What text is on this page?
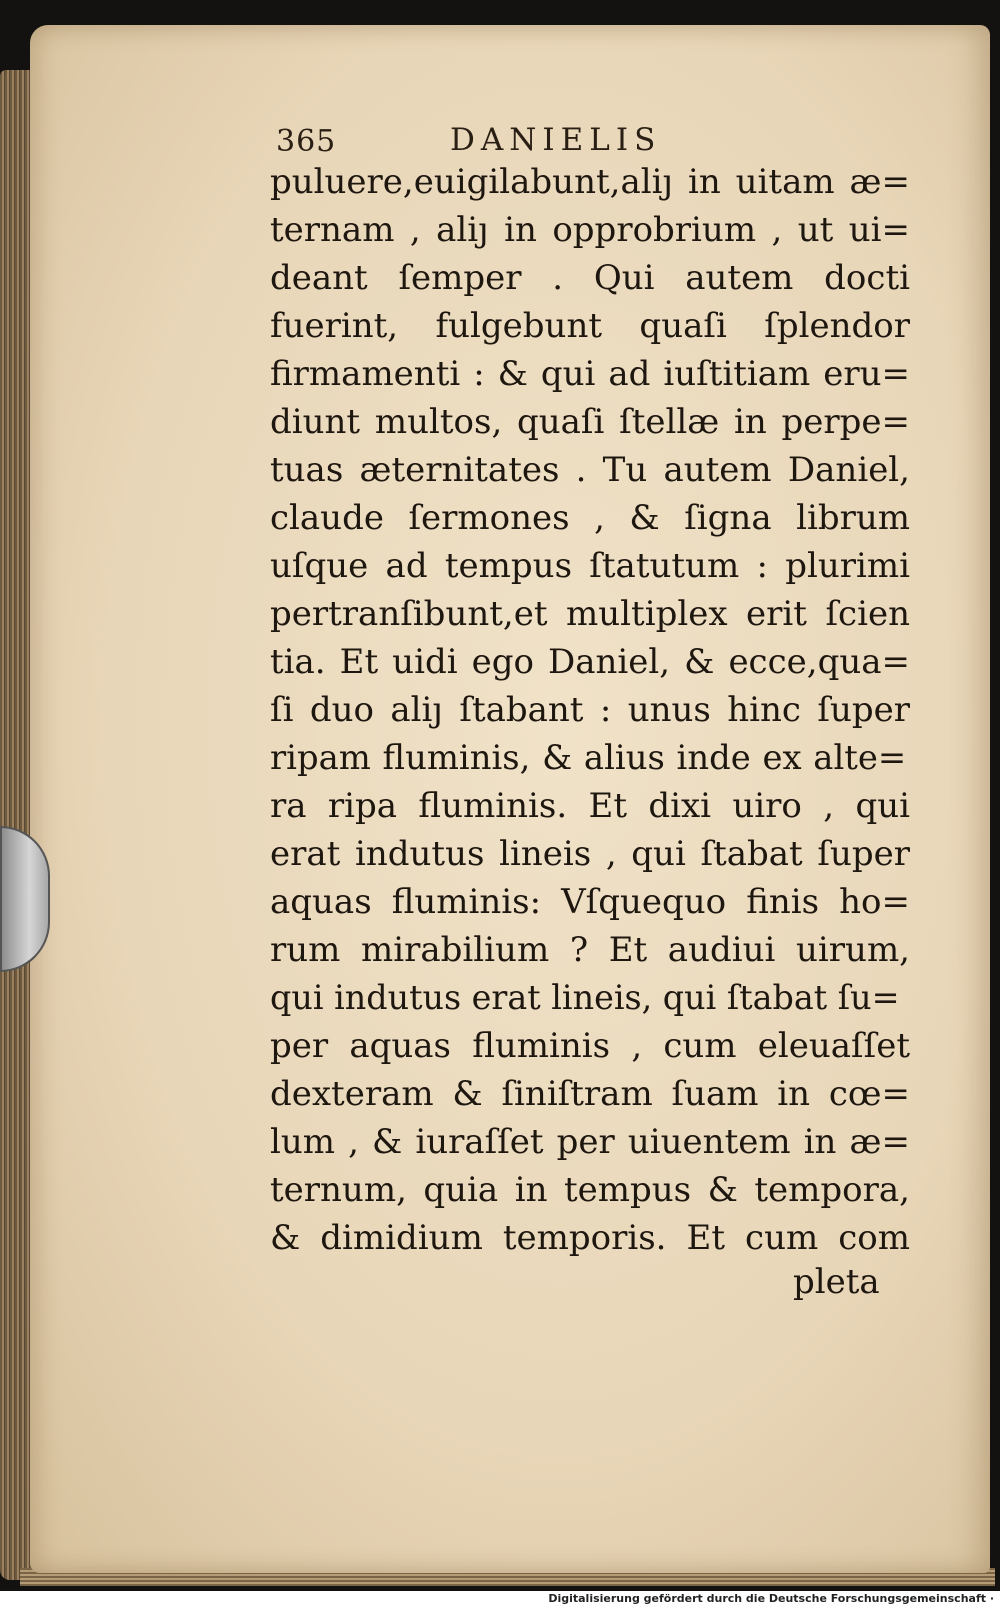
365	DANIELIS
puluere,euigilabunt,aliȷ in uitam æ=
ternam , aliȷ in opprobrium , ut ui=
deant ſemper . Qui autem docti
fuerint, fulgebunt quaſi ſplendor
firmamenti : & qui ad iuſtitiam eru=
diunt multos, quaſi ſtellæ in perpe=
tuas æternitates . Tu autem Daniel,
claude ſermones , & ſigna librum
uſque ad tempus ſtatutum : plurimi
pertranſibunt,et multiplex erit ſcien
tia. Et uidi ego Daniel, & ecce,qua=
ſi duo aliȷ ſtabant : unus hinc ſuper
ripam fluminis, & alius inde ex alte=
ra ripa fluminis. Et dixi uiro , qui
erat indutus lineis , qui ſtabat ſuper
aquas fluminis: Vſquequo finis ho=
rum mirabilium ? Et audiui uirum,
qui indutus erat lineis, qui ſtabat ſu=
per aquas fluminis , cum eleuaſſet
dexteram & ſiniſtram ſuam in cœ=
lum , & iuraſſet per uiuentem in æ=
ternum, quia in tempus & tempora,
& dimidium temporis. Et cum com
pleta
Digitalisierung gefördert durch die Deutsche Forschungsgemeinschaft ·
